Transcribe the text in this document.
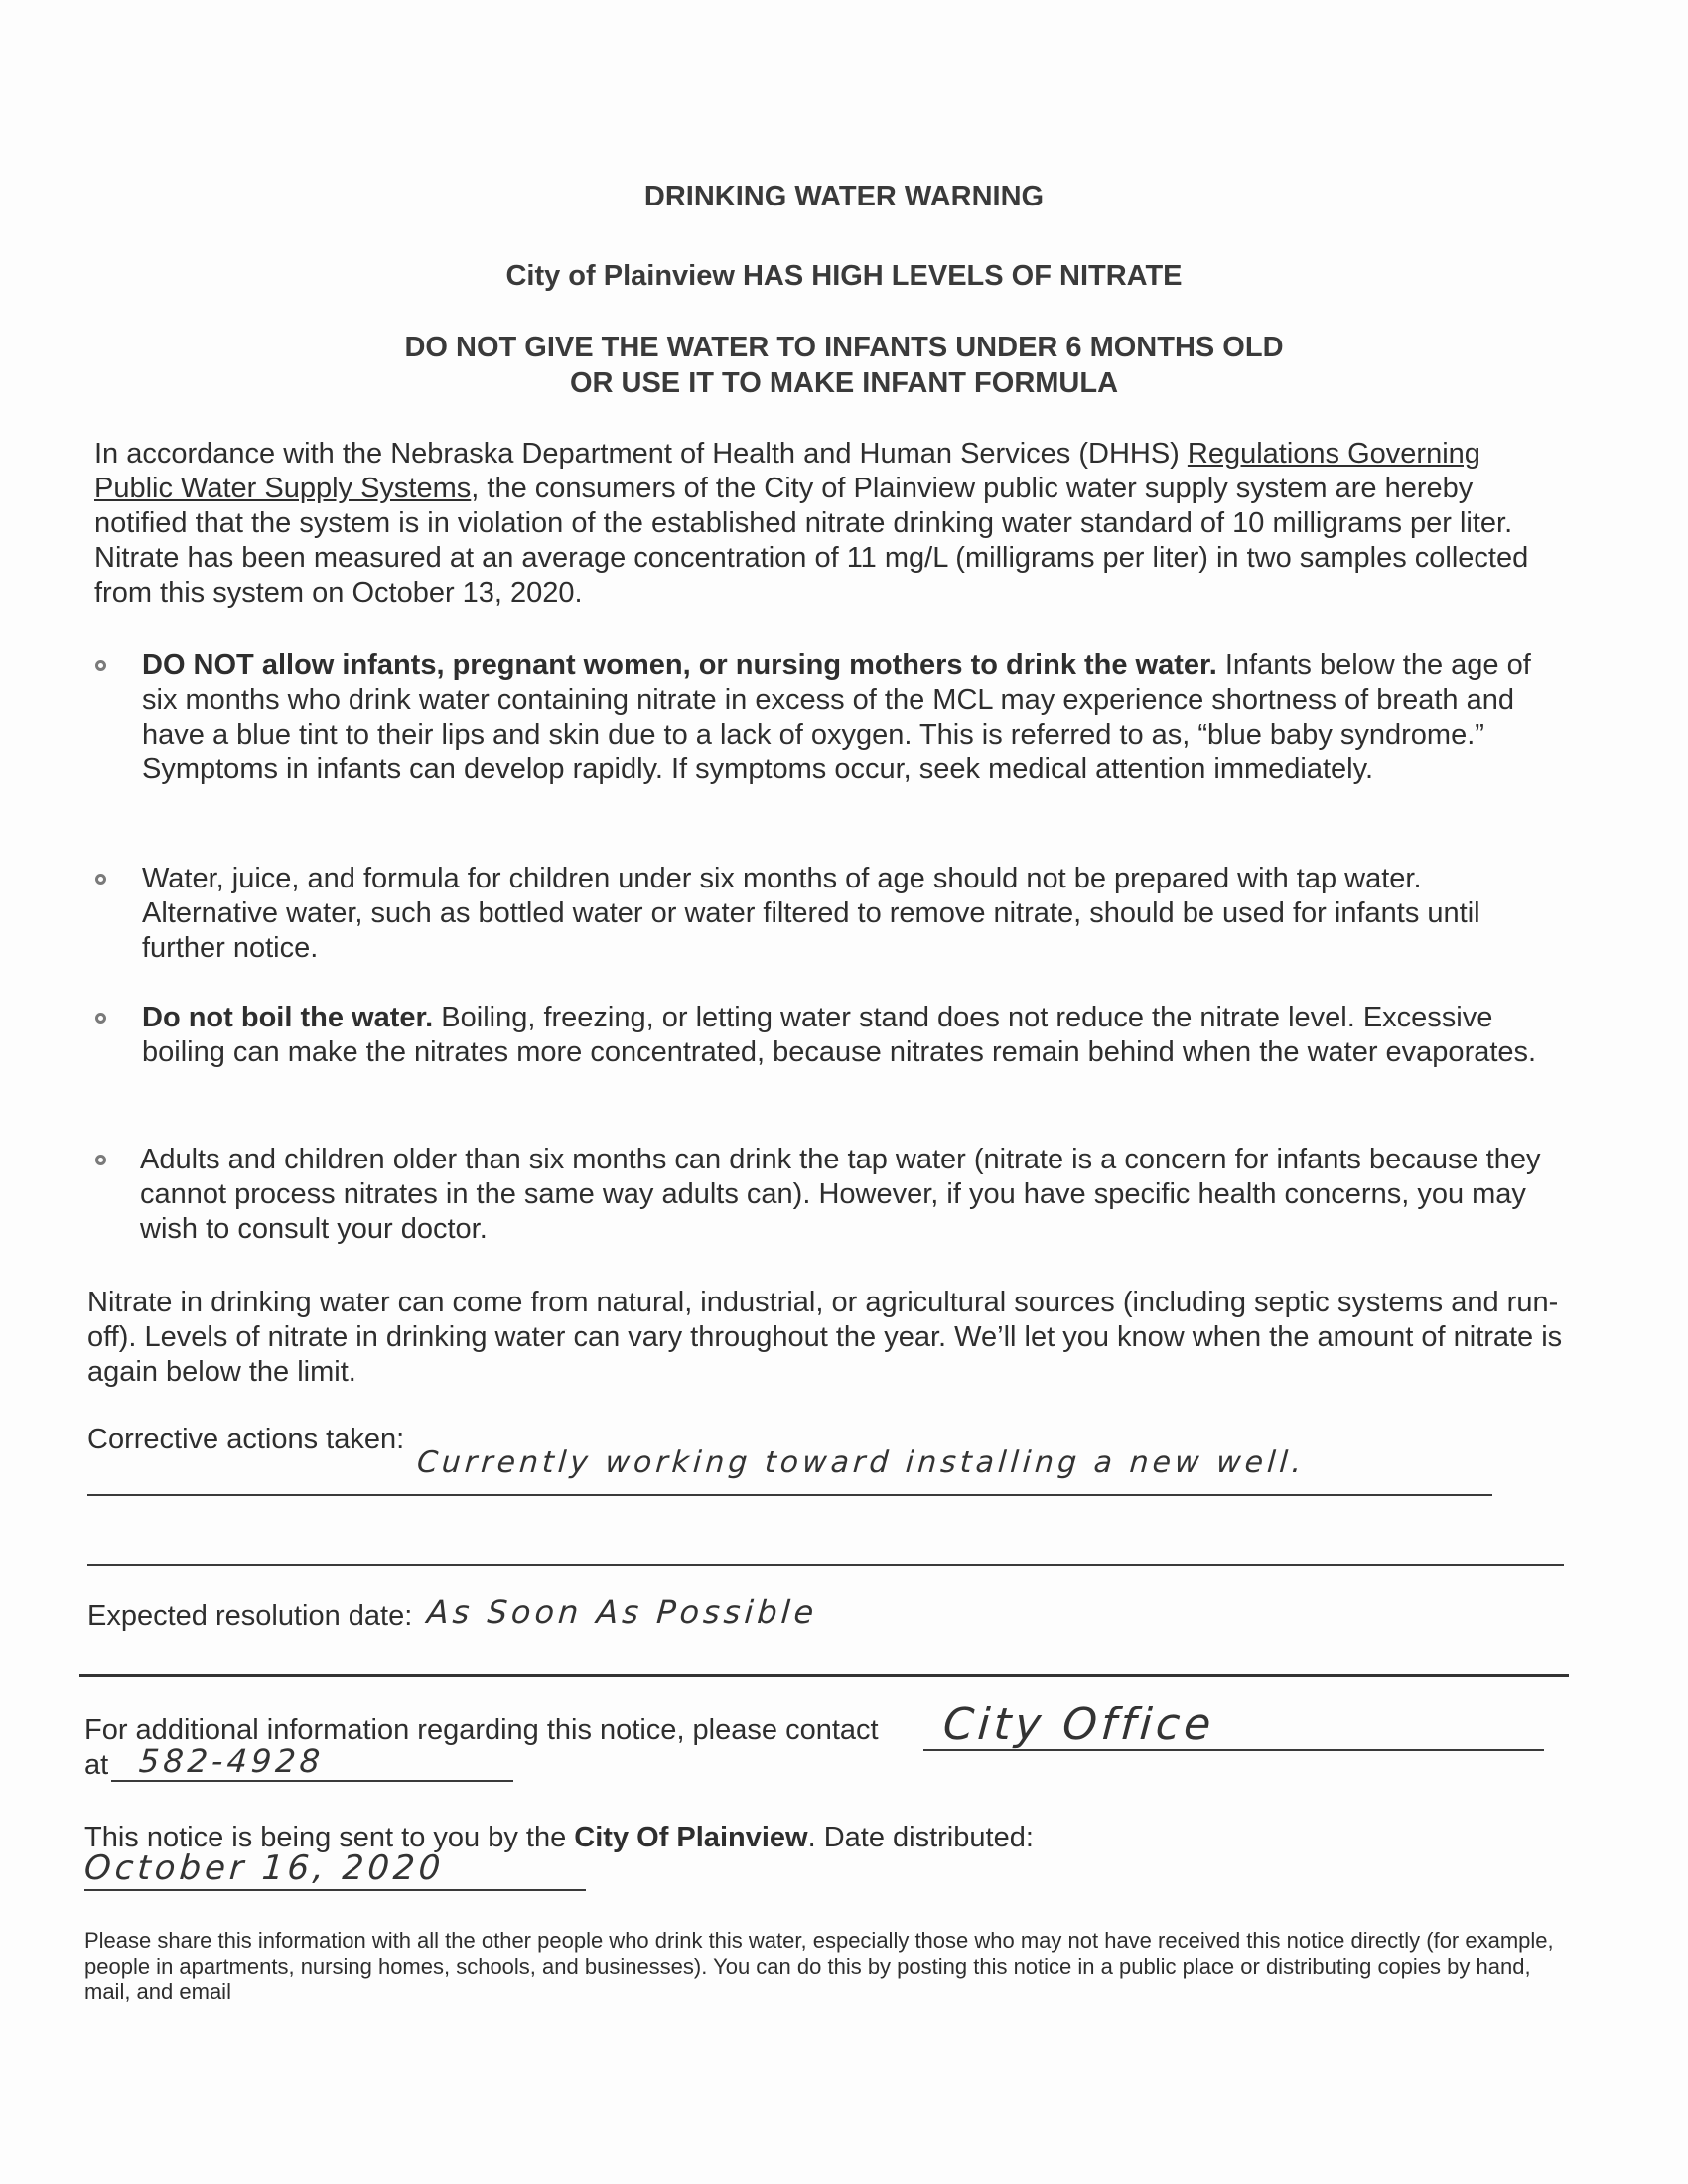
DRINKING WATER WARNING
City of Plainview HAS HIGH LEVELS OF NITRATE
DO NOT GIVE THE WATER TO INFANTS UNDER 6 MONTHS OLD
OR USE IT TO MAKE INFANT FORMULA
In accordance with the Nebraska Department of Health and Human Services (DHHS) Regulations Governing Public Water Supply Systems, the consumers of the City of Plainview public water supply system are hereby notified that the system is in violation of the established nitrate drinking water standard of 10 milligrams per liter. Nitrate has been measured at an average concentration of 11 mg/L (milligrams per liter) in two samples collected from this system on October 13, 2020.
DO NOT allow infants, pregnant women, or nursing mothers to drink the water. Infants below the age of six months who drink water containing nitrate in excess of the MCL may experience shortness of breath and have a blue tint to their lips and skin due to a lack of oxygen. This is referred to as, “blue baby syndrome.” Symptoms in infants can develop rapidly. If symptoms occur, seek medical attention immediately.
Water, juice, and formula for children under six months of age should not be prepared with tap water. Alternative water, such as bottled water or water filtered to remove nitrate, should be used for infants until further notice.
Do not boil the water. Boiling, freezing, or letting water stand does not reduce the nitrate level. Excessive boiling can make the nitrates more concentrated, because nitrates remain behind when the water evaporates.
Adults and children older than six months can drink the tap water (nitrate is a concern for infants because they cannot process nitrates in the same way adults can). However, if you have specific health concerns, you may wish to consult your doctor.
Nitrate in drinking water can come from natural, industrial, or agricultural sources (including septic systems and run-off). Levels of nitrate in drinking water can vary throughout the year. We’ll let you know when the amount of nitrate is again below the limit.
Corrective actions taken:
Currently working toward installing a new well.
Expected resolution date: As Soon As Possible
For additional information regarding this notice, please contact City Office
at 582-4928
This notice is being sent to you by the City Of Plainview. Date distributed:
October 16, 2020
Please share this information with all the other people who drink this water, especially those who may not have received this notice directly (for example, people in apartments, nursing homes, schools, and businesses). You can do this by posting this notice in a public place or distributing copies by hand, mail, and email
